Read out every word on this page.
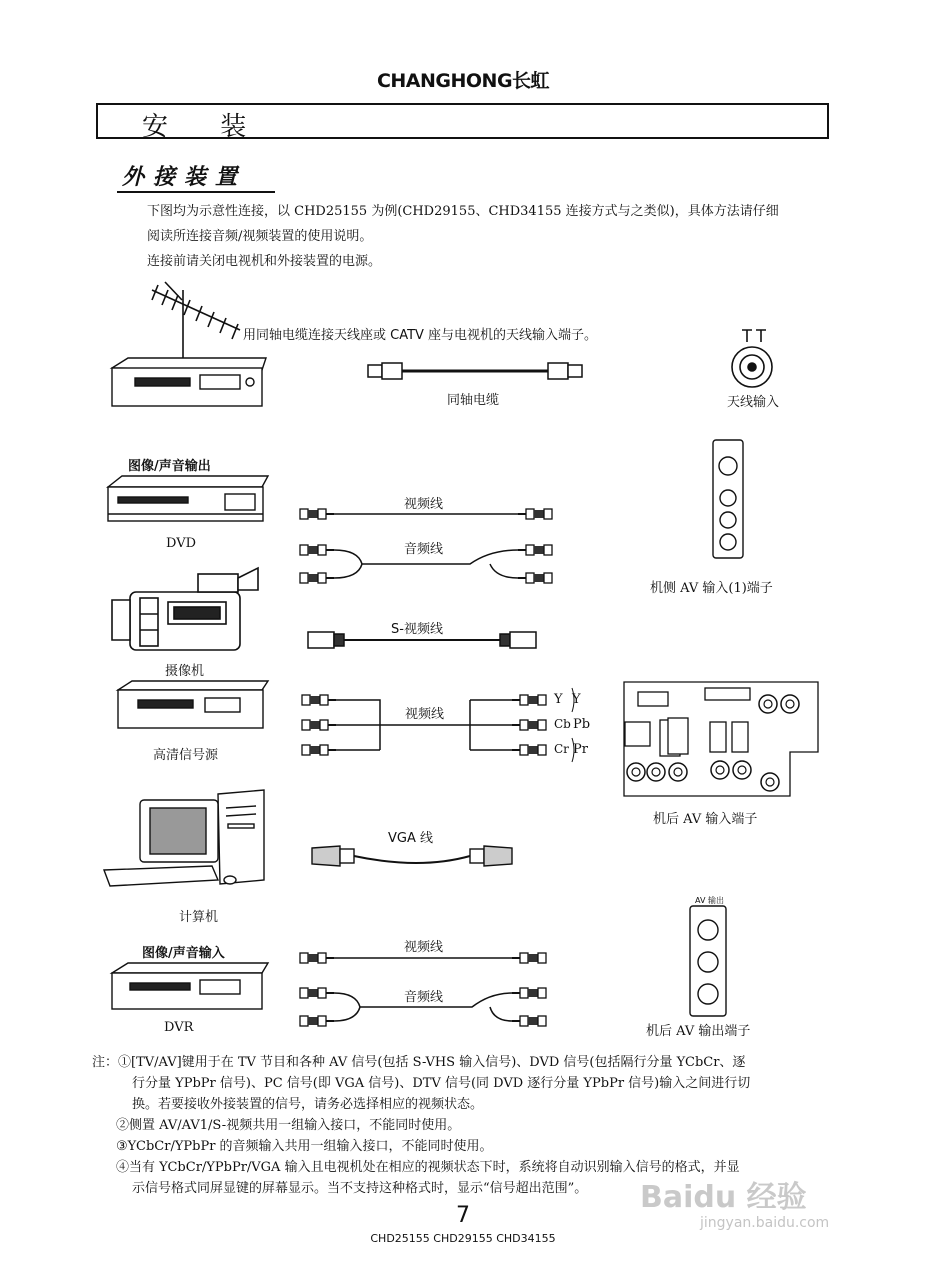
CHANGHONG长虹
安 装
外接装置
下图均为示意性连接，以 CHD25155 为例(CHD29155、CHD34155 连接方式与之类似)，具体方法请仔细
阅读所连接音频/视频装置的使用说明。
连接前请关闭电视机和外接装置的电源。
用同轴电缆连接天线座或 CATV 座与电视机的天线输入端子。
同轴电缆	天线输入
图像/声音输出
DVD
摄像机
高清信号源
计算机
图像/声音输入
DVR
视频线
音频线
S-视频线
视频线
VGA 线
视频线
音频线
Y Y
Cb Pb
Cr Pr
机侧 AV 输入(1)端子
机后 AV 输入端子
机后 AV 输出端子
AV 输出
注：①[TV/AV]键用于在 TV 节目和各种 AV 信号(包括 S-VHS 输入信号)、DVD 信号(包括隔行分量 YCbCr、逐
行分量 YPbPr 信号)、PC 信号(即 VGA 信号)、DTV 信号(同 DVD 逐行分量 YPbPr 信号)输入之间进行切
换。若要接收外接装置的信号，请务必选择相应的视频状态。
②侧置 AV/AV1/S-视频共用一组输入接口，不能同时使用。
③YCbCr/YPbPr 的音频输入共用一组输入接口，不能同时使用。
④当有 YCbCr/YPbPr/VGA 输入且电视机处在相应的视频状态下时，系统将自动识别输入信号的格式，并显
示信号格式同屏显键的屏幕显示。当不支持这种格式时，显示“信号超出范围”。	Baidu 经验
jingyan.baidu.com
7
CHD25155 CHD29155 CHD34155
